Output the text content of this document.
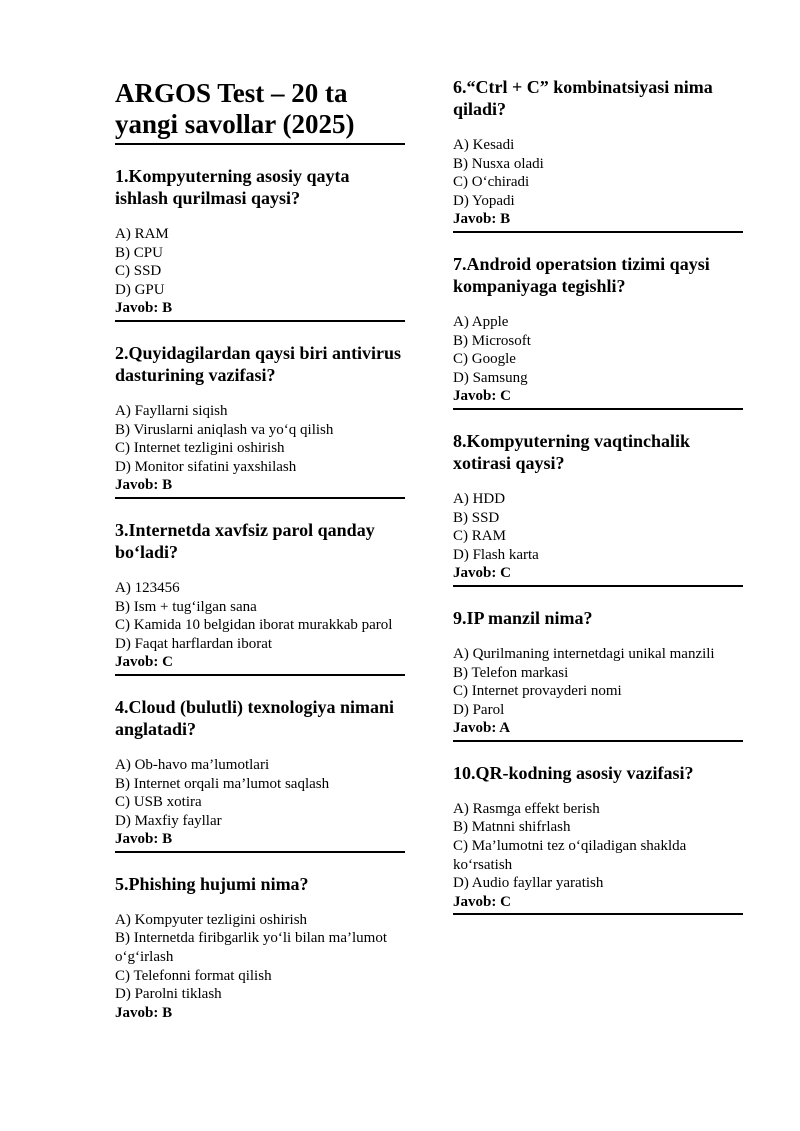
ARGOS Test – 20 ta yangi savollar (2025)
1.Kompyuterning asosiy qayta ishlash qurilmasi qaysi?
A) RAM
B) CPU
C) SSD
D) GPU
Javob: B
2.Quyidagilardan qaysi biri antivirus dasturining vazifasi?
A) Fayllarni siqish
B) Viruslarni aniqlash va yo‘q qilish
C) Internet tezligini oshirish
D) Monitor sifatini yaxshilash
Javob: B
3.Internetda xavfsiz parol qanday bo‘ladi?
A) 123456
B) Ism + tug‘ilgan sana
C) Kamida 10 belgidan iborat murakkab parol
D) Faqat harflardan iborat
Javob: C
4.Cloud (bulutli) texnologiya nimani anglatadi?
A) Ob-havo ma’lumotlari
B) Internet orqali ma’lumot saqlash
C) USB xotira
D) Maxfiy fayllar
Javob: B
5.Phishing hujumi nima?
A) Kompyuter tezligini oshirish
B) Internetda firibgarlik yo‘li bilan ma’lumot o‘g‘irlash
C) Telefonni format qilish
D) Parolni tiklash
Javob: B
6.“Ctrl + C” kombinatsiyasi nima qiladi?
A) Kesadi
B) Nusxa oladi
C) O‘chiradi
D) Yopadi
Javob: B
7.Android operatsion tizimi qaysi kompaniyaga tegishli?
A) Apple
B) Microsoft
C) Google
D) Samsung
Javob: C
8.Kompyuterning vaqtinchalik xotirasi qaysi?
A) HDD
B) SSD
C) RAM
D) Flash karta
Javob: C
9.IP manzil nima?
A) Qurilmaning internetdagi unikal manzili
B) Telefon markasi
C) Internet provayderi nomi
D) Parol
Javob: A
10.QR-kodning asosiy vazifasi?
A) Rasmga effekt berish
B) Matnni shifrlash
C) Ma’lumotni tez o‘qiladigan shaklda ko‘rsatish
D) Audio fayllar yaratish
Javob: C
